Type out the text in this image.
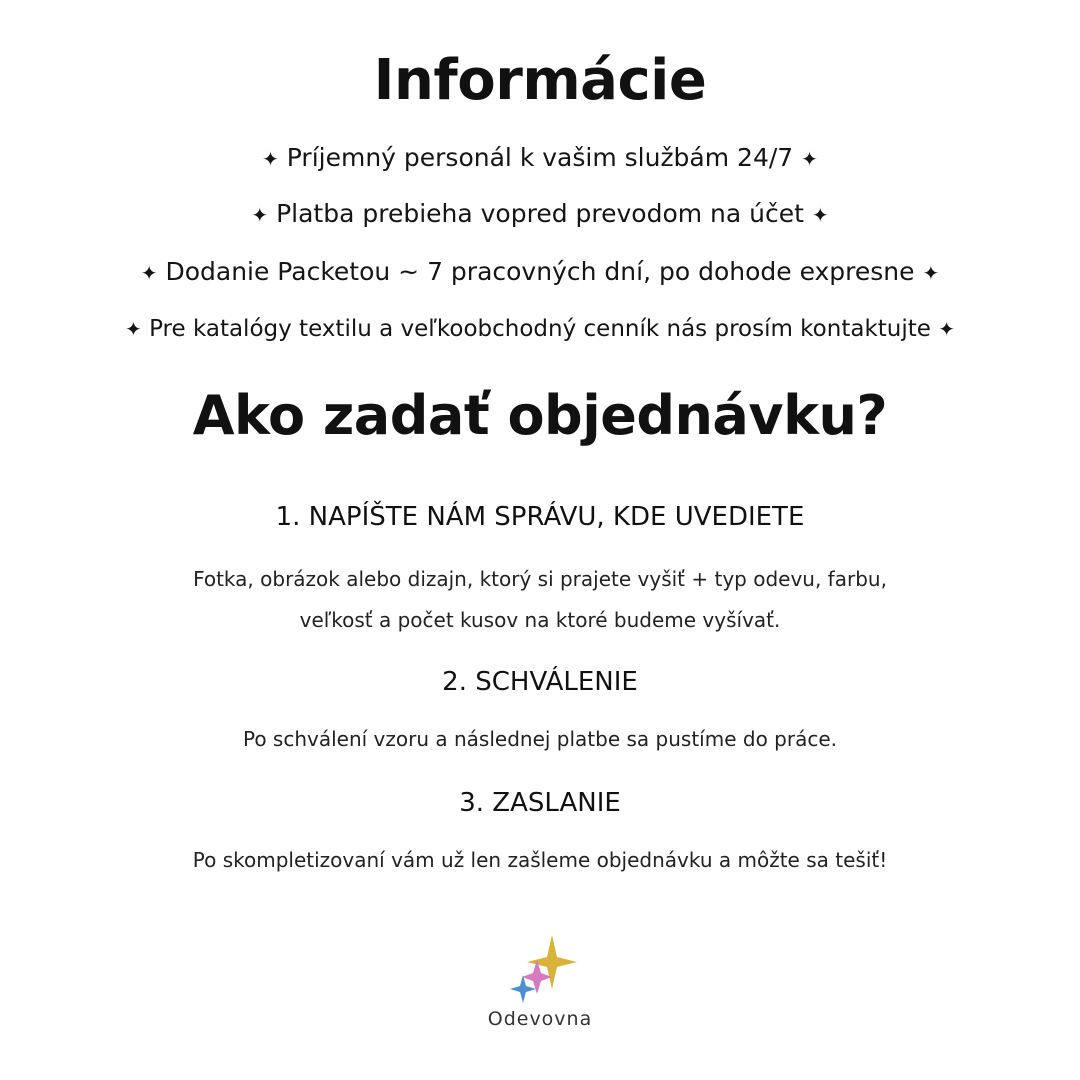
Informácie
✦ Príjemný personál k vašim službám 24/7 ✦
✦ Platba prebieha vopred prevodom na účet ✦
✦ Dodanie Packetou ~ 7 pracovných dní, po dohode expresne ✦
✦ Pre katalógy textilu a veľkoobchodný cenník nás prosím kontaktujte ✦
Ako zadať objednávku?
1. NAPÍŠTE NÁM SPRÁVU, KDE UVEDIETE
Fotka, obrázok alebo dizajn, ktorý si prajete vyšiť + typ odevu, farbu,
veľkosť a počet kusov na ktoré budeme vyšívať.
2. SCHVÁLENIE
Po schválení vzoru a následnej platbe sa pustíme do práce.
3. ZASLANIE
Po skompletizovaní vám už len zašleme objednávku a môžte sa tešiť!
Odevovna
